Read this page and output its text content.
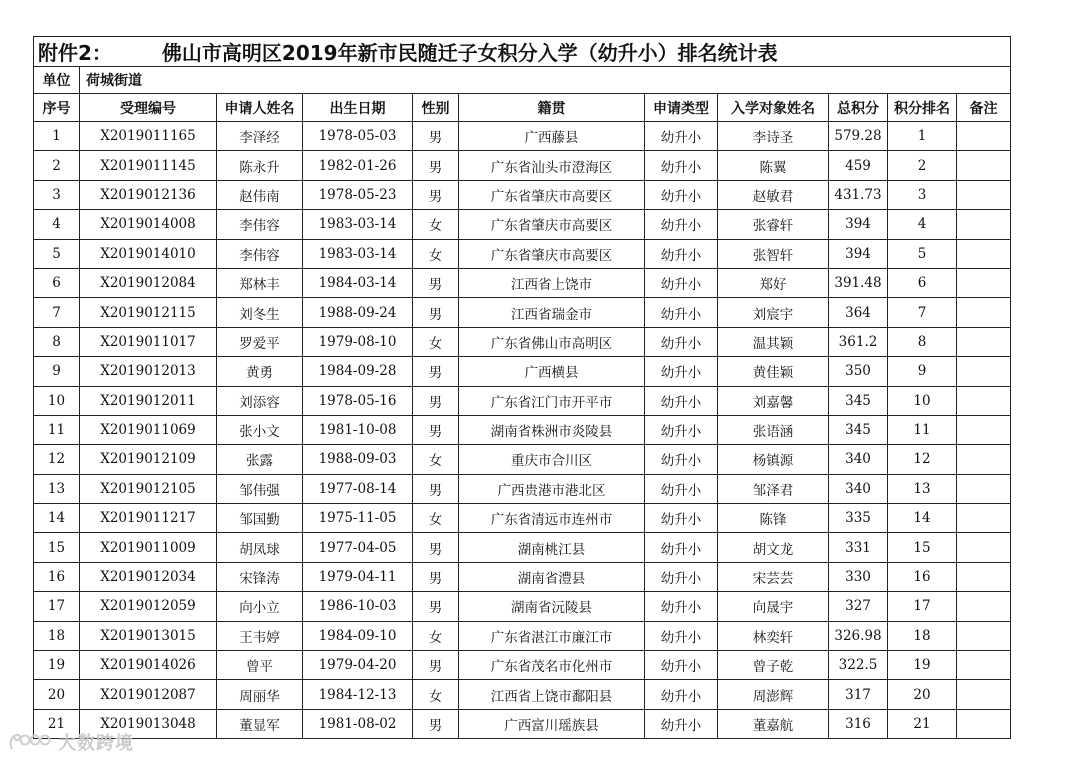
附件2： 佛山市高明区2019年新市民随迁子女积分入学（幼升小）排名统计表										
单位	荷城街道									
序号	受理编号	申请人姓名	出生日期	性别	籍贯	申请类型	入学对象姓名	总积分	积分排名	备注
1	X2019011165	李泽经	1978-05-03	男	广西藤县	幼升小	李诗圣	579.28	1	
2	X2019011145	陈永升	1982-01-26	男	广东省汕头市澄海区	幼升小	陈翼	459	2	
3	X2019012136	赵伟南	1978-05-23	男	广东省肇庆市高要区	幼升小	赵敏君	431.73	3	
4	X2019014008	李伟容	1983-03-14	女	广东省肇庆市高要区	幼升小	张睿轩	394	4	
5	X2019014010	李伟容	1983-03-14	女	广东省肇庆市高要区	幼升小	张智轩	394	5	
6	X2019012084	郑林丰	1984-03-14	男	江西省上饶市	幼升小	郑好	391.48	6	
7	X2019012115	刘冬生	1988-09-24	男	江西省瑞金市	幼升小	刘宸宇	364	7	
8	X2019011017	罗爱平	1979-08-10	女	广东省佛山市高明区	幼升小	温其颖	361.2	8	
9	X2019012013	黄勇	1984-09-28	男	广西横县	幼升小	黄佳颖	350	9	
10	X2019012011	刘添容	1978-05-16	男	广东省江门市开平市	幼升小	刘嘉馨	345	10	
11	X2019011069	张小文	1981-10-08	男	湖南省株洲市炎陵县	幼升小	张语涵	345	11	
12	X2019012109	张露	1988-09-03	女	重庆市合川区	幼升小	杨镇源	340	12	
13	X2019012105	邹伟强	1977-08-14	男	广西贵港市港北区	幼升小	邹泽君	340	13	
14	X2019011217	邹国勤	1975-11-05	女	广东省清远市连州市	幼升小	陈锋	335	14	
15	X2019011009	胡凤球	1977-04-05	男	湖南桃江县	幼升小	胡文龙	331	15	
16	X2019012034	宋锋涛	1979-04-11	男	湖南省澧县	幼升小	宋芸芸	330	16	
17	X2019012059	向小立	1986-10-03	男	湖南省沅陵县	幼升小	向晟宇	327	17	
18	X2019013015	王韦婷	1984-09-10	女	广东省湛江市廉江市	幼升小	林奕轩	326.98	18	
19	X2019014026	曾平	1979-04-20	男	广东省茂名市化州市	幼升小	曾子乾	322.5	19	
20	X2019012087	周丽华	1984-12-13	女	江西省上饶市鄱阳县	幼升小	周澎辉	317	20	
21	X2019013048	董显军	1981-08-02	男	广西富川瑶族县	幼升小	董嘉航	316	21	
大数跨境
